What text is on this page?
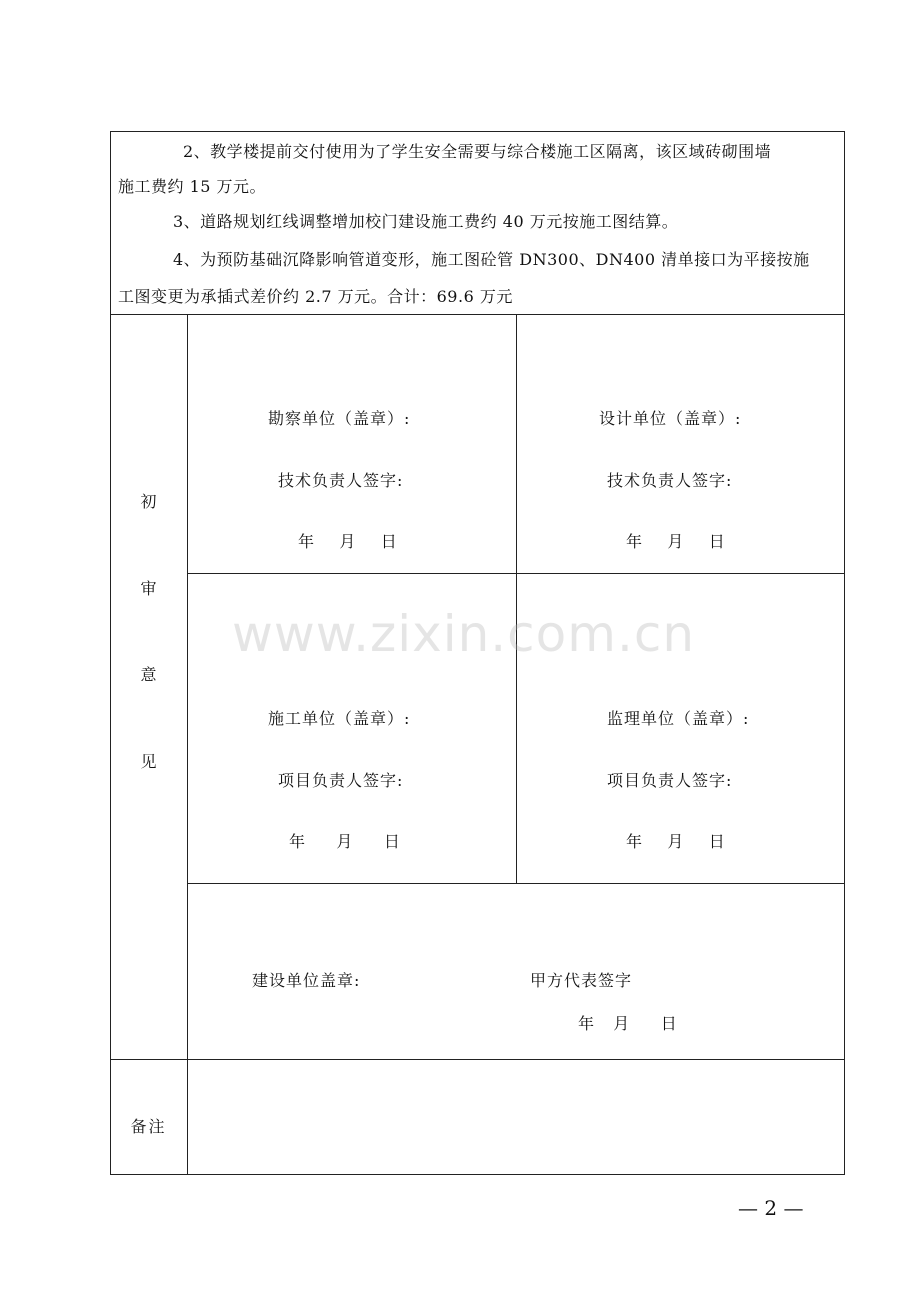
2、教学楼提前交付使用为了学生安全需要与综合楼施工区隔离，该区域砖砌围墙
施工费约 15 万元。
3、道路规划红线调整增加校门建设施工费约 40 万元按施工图结算。
4、为预防基础沉降影响管道变形，施工图砼管 DN300、DN400 清单接口为平接按施
工图变更为承插式差价约 2.7 万元。合计：69.6 万元
初
审
意
见
勘察单位（盖章）:
技术负责人签字:
年    月    日
设计单位（盖章）:
技术负责人签字:
年    月    日
施工单位（盖章）:
项目负责人签字:
年     月     日
监理单位（盖章）:
项目负责人签字:
年    月    日
建设单位盖章:	甲方代表签字
年   月     日
备注
www.zixin.com.cn
— 2 —
